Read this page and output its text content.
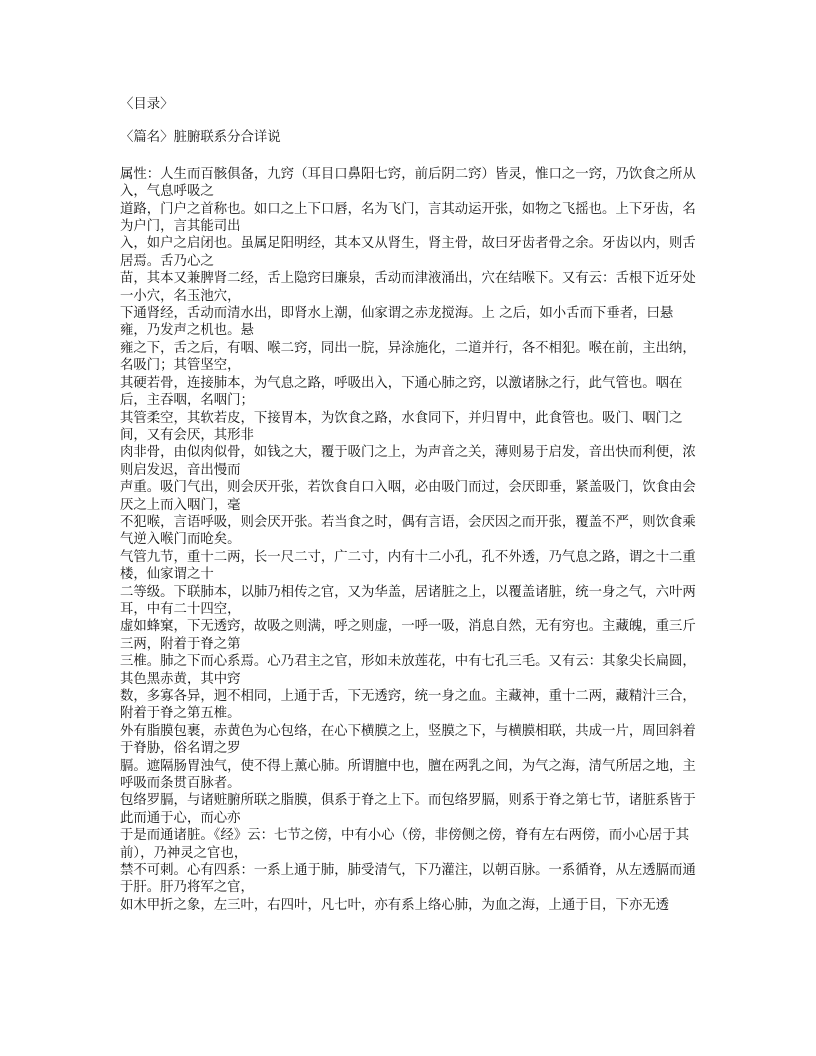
〈目录〉
〈篇名〉脏腑联系分合详说
属性：人生而百骸俱备，九窍（耳目口鼻阳七窍，前后阴二窍）皆灵，惟口之一窍，乃饮食之所从入，气息呼吸之
道路，门户之首称也。如口之上下口唇，名为飞门，言其动运开张，如物之飞摇也。上下牙齿，名为户门，言其能司出
入，如户之启闭也。虽属足阳明经，其本又从肾生，肾主骨，故曰牙齿者骨之余。牙齿以内，则舌居焉。舌乃心之
苗，其本又兼脾肾二经，舌上隐窍曰廉泉，舌动而津液涌出，穴在结喉下。又有云：舌根下近牙处一小穴，名玉池穴，
下通肾经，舌动而清水出，即肾水上潮，仙家谓之赤龙搅海。上 之后，如小舌而下垂者，曰悬雍，乃发声之机也。悬
雍之下，舌之后，有咽、喉二窍，同出一脘，异涂施化，二道并行，各不相犯。喉在前，主出纳，名吸门；其管坚空，
其硬若骨，连接肺本，为气息之路，呼吸出入，下通心肺之窍，以激诸脉之行，此气管也。咽在后，主吞咽，名咽门；
其管柔空，其软若皮，下接胃本，为饮食之路，水食同下，并归胃中，此食管也。吸门、咽门之间，又有会厌，其形非
肉非骨，由似肉似骨，如钱之大，覆于吸门之上，为声音之关，薄则易于启发，音出快而利便，浓则启发迟，音出慢而
声重。吸门气出，则会厌开张，若饮食自口入咽，必由吸门而过，会厌即垂，紧盖吸门，饮食由会厌之上而入咽门，毫
不犯喉，言语呼吸，则会厌开张。若当食之时，偶有言语，会厌因之而开张，覆盖不严，则饮食乘气逆入喉门而呛矣。
气管九节，重十二两，长一尺二寸，广二寸，内有十二小孔，孔不外透，乃气息之路，谓之十二重楼，仙家谓之十
二等级。下联肺本，以肺乃相传之官，又为华盖，居诸脏之上，以覆盖诸脏，统一身之气，六叶两耳，中有二十四空，
虚如蜂窠，下无透窍，故吸之则满，呼之则虚，一呼一吸，消息自然，无有穷也。主藏魄，重三斤三两，附着于脊之第
三椎。肺之下而心系焉。心乃君主之官，形如未放莲花，中有七孔三毛。又有云：其象尖长扁圆，其色黑赤黄，其中窍
数，多寡各异，迥不相同，上通于舌，下无透窍，统一身之血。主藏神，重十二两，藏精汁三合，附着于脊之第五椎。
外有脂膜包裹，赤黄色为心包络，在心下横膜之上，竖膜之下，与横膜相联，共成一片，周回斜着于脊胁，俗名谓之罗
膈。遮隔肠胃浊气，使不得上薰心肺。所谓膻中也，膻在两乳之间，为气之海，清气所居之地，主呼吸而条贯百脉者。
包络罗膈，与诸赃腑所联之脂膜，俱系于脊之上下。而包络罗膈，则系于脊之第七节，诸脏系皆于此而通于心，而心亦
于是而通诸脏。《经》云：七节之傍，中有小心（傍，非傍侧之傍，脊有左右两傍，而小心居于其前），乃神灵之官也，
禁不可刺。心有四系：一系上通于肺，肺受清气，下乃灌注，以朝百脉。一系循脊，从左透膈而通于肝。肝乃将军之官，
如木甲折之象，左三叶，右四叶，凡七叶，亦有系上络心肺，为血之海，上通于目，下亦无透
